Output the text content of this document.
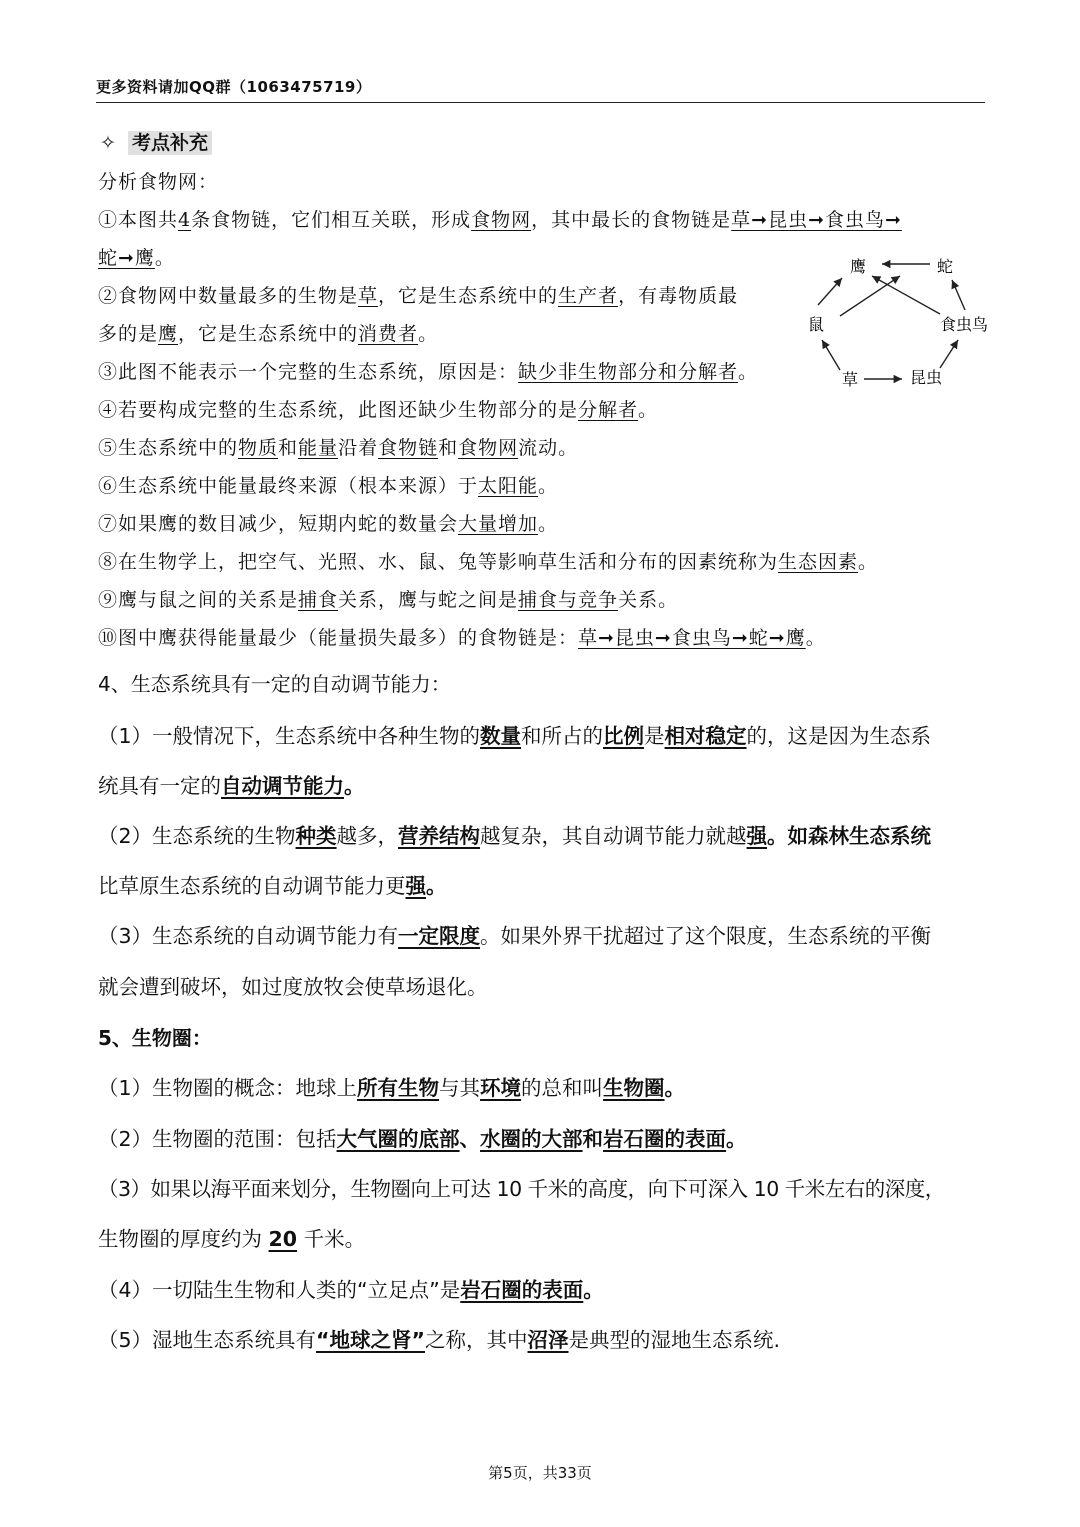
更多资料请加QQ群（1063475719）
✧ 考点补充
分析食物网：
①本图共4条食物链，它们相互关联，形成食物网，其中最长的食物链是草➞昆虫➞食虫鸟➞
蛇➞鹰。
②食物网中数量最多的生物是草，它是生态系统中的生产者，有毒物质最
多的是鹰，它是生态系统中的消费者。
③此图不能表示一个完整的生态系统，原因是：缺少非生物部分和分解者。
④若要构成完整的生态系统，此图还缺少生物部分的是分解者。
⑤生态系统中的物质和能量沿着食物链和食物网流动。
⑥生态系统中能量最终来源（根本来源）于太阳能。
⑦如果鹰的数目减少，短期内蛇的数量会大量增加。
⑧在生物学上，把空气、光照、水、鼠、兔等影响草生活和分布的因素统称为生态因素。
⑨鹰与鼠之间的关系是捕食关系，鹰与蛇之间是捕食与竞争关系。
⑩图中鹰获得能量最少（能量损失最多）的食物链是：草➞昆虫➞食虫鸟➞蛇➞鹰。
鹰	蛇
鼠	食虫鸟
草	昆虫
4、生态系统具有一定的自动调节能力：
（1）一般情况下，生态系统中各种生物的数量和所占的比例是相对稳定的，这是因为生态系
统具有一定的自动调节能力。
（2）生态系统的生物种类越多，营养结构越复杂，其自动调节能力就越强。如森林生态系统
比草原生态系统的自动调节能力更强。
（3）生态系统的自动调节能力有一定限度。如果外界干扰超过了这个限度，生态系统的平衡
就会遭到破坏，如过度放牧会使草场退化。
5、生物圈：
（1）生物圈的概念：地球上所有生物与其环境的总和叫生物圈。
（2）生物圈的范围：包括大气圈的底部、水圈的大部和岩石圈的表面。
（3）如果以海平面来划分，生物圈向上可达 10 千米的高度，向下可深入 10 千米左右的深度，
生物圈的厚度约为 20 千米。
（4）一切陆生生物和人类的“立足点”是岩石圈的表面。
（5）湿地生态系统具有“地球之肾”之称，其中沼泽是典型的湿地生态系统.
第5页，共33页
